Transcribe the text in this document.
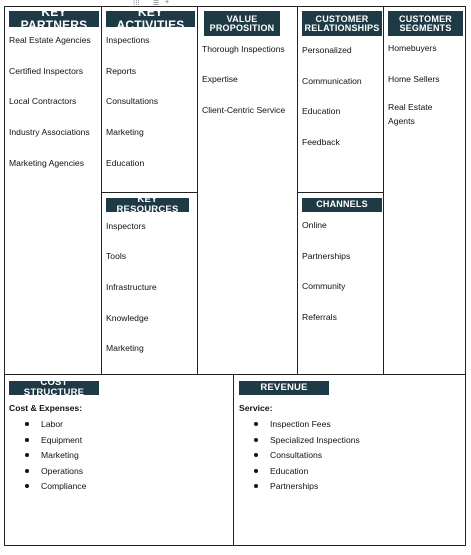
⁝⁝⁝ ☰ +
KEY PARTNERS
Real Estate Agencies
Certified Inspectors
Local Contractors
Industry Associations
Marketing Agencies
KEY ACTIVITIES
Inspections
Reports
Consultations
Marketing
Education
KEY RESOURCES
Inspectors
Tools
Infrastructure
Knowledge
Marketing
VALUE
PROPOSITION
Thorough Inspections
Expertise
Client-Centric Service
CUSTOMER
RELATIONSHIPS
Personalized
Communication
Education
Feedback
CHANNELS
Online
Partnerships
Community
Referrals
CUSTOMER
SEGMENTS
Homebuyers
Home Sellers
Real Estate Agents
COST STRUCTURE
Cost & Expenses:
Labor
Equipment
Marketing
Operations
Compliance
REVENUE
Service:
Inspection Fees
Specialized Inspections
Consultations
Education
Partnerships
